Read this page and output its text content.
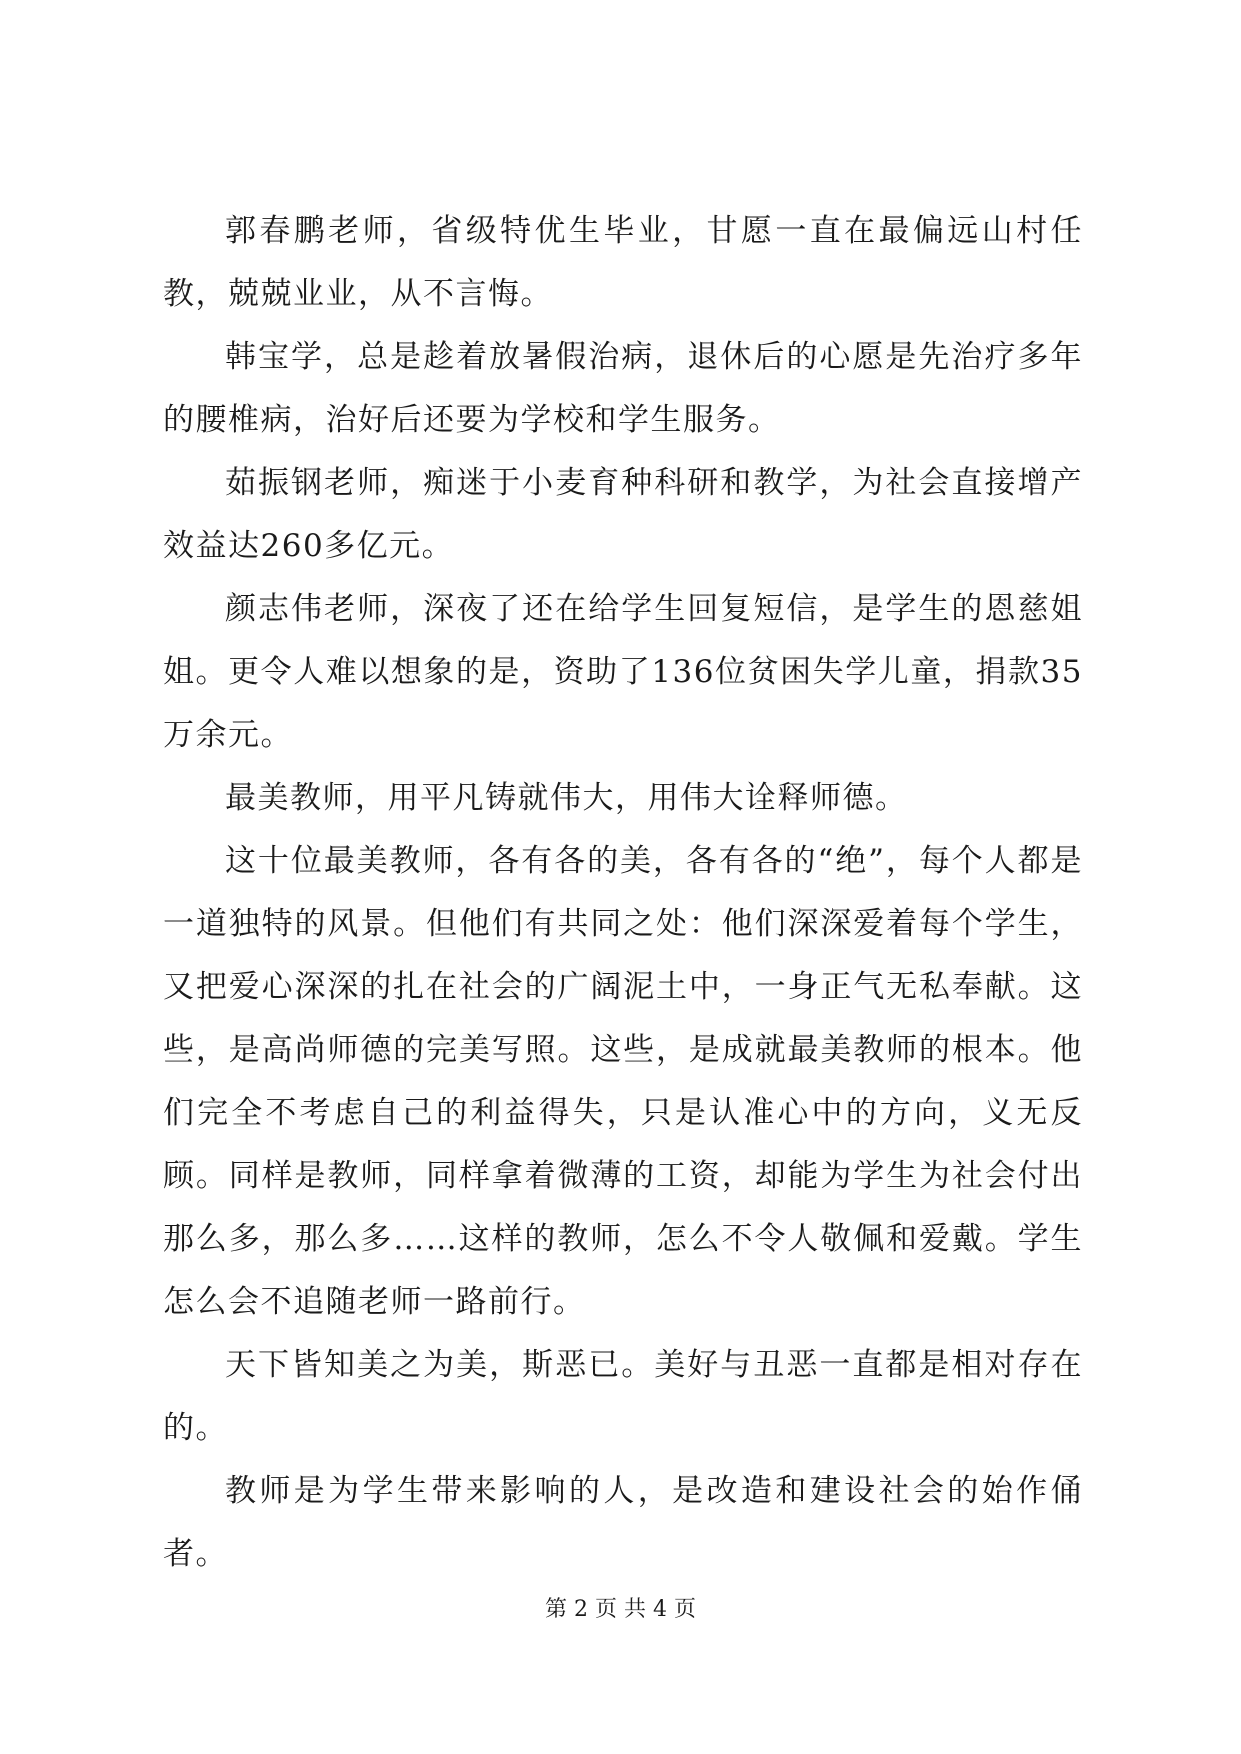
郭春鹏老师，省级特优生毕业，甘愿一直在最偏远山村任教，兢兢业业，从不言悔。

韩宝学，总是趁着放暑假治病，退休后的心愿是先治疗多年的腰椎病，治好后还要为学校和学生服务。

茹振钢老师，痴迷于小麦育种科研和教学，为社会直接增产效益达260多亿元。

颜志伟老师，深夜了还在给学生回复短信，是学生的恩慈姐姐。更令人难以想象的是，资助了136位贫困失学儿童，捐款35万余元。

最美教师，用平凡铸就伟大，用伟大诠释师德。

这十位最美教师，各有各的美，各有各的“绝”，每个人都是一道独特的风景。但他们有共同之处：他们深深爱着每个学生，又把爱心深深的扎在社会的广阔泥土中，一身正气无私奉献。这些，是高尚师德的完美写照。这些，是成就最美教师的根本。他们完全不考虑自己的利益得失，只是认准心中的方向，义无反顾。同样是教师，同样拿着微薄的工资，却能为学生为社会付出那么多，那么多……这样的教师，怎么不令人敬佩和爱戴。学生怎么会不追随老师一路前行。

天下皆知美之为美，斯恶已。美好与丑恶一直都是相对存在的。

教师是为学生带来影响的人，是改造和建设社会的始作俑者。

第 2 页 共 4 页
